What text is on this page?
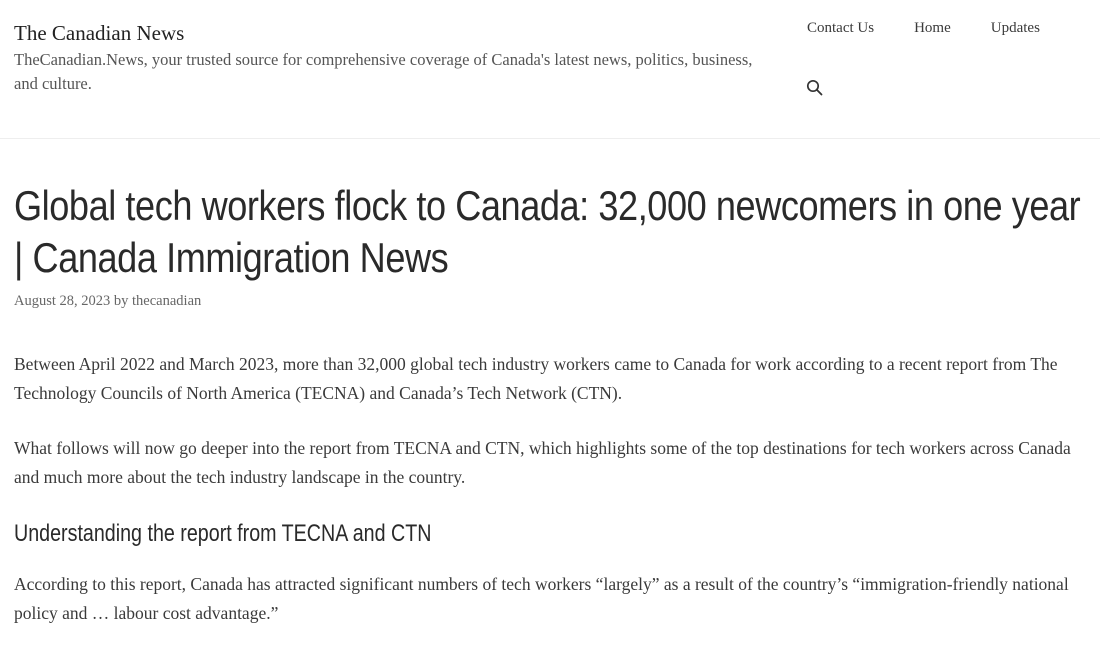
The Canadian News
TheCanadian.News, your trusted source for comprehensive coverage of Canada's latest news, politics, business, and culture.
Contact Us	Home	Updates
Global tech workers flock to Canada: 32,000 newcomers in one year | Canada Immigration News
August 28, 2023 by thecanadian

Between April 2022 and March 2023, more than 32,000 global tech industry workers came to Canada for work according to a recent report from The Technology Councils of North America (TECNA) and Canada’s Tech Network (CTN).

What follows will now go deeper into the report from TECNA and CTN, which highlights some of the top destinations for tech workers across Canada and much more about the tech industry landscape in the country.

Understanding the report from TECNA and CTN

According to this report, Canada has attracted significant numbers of tech workers “largely” as a result of the country’s “immigration-friendly national policy and … labour cost advantage.”
